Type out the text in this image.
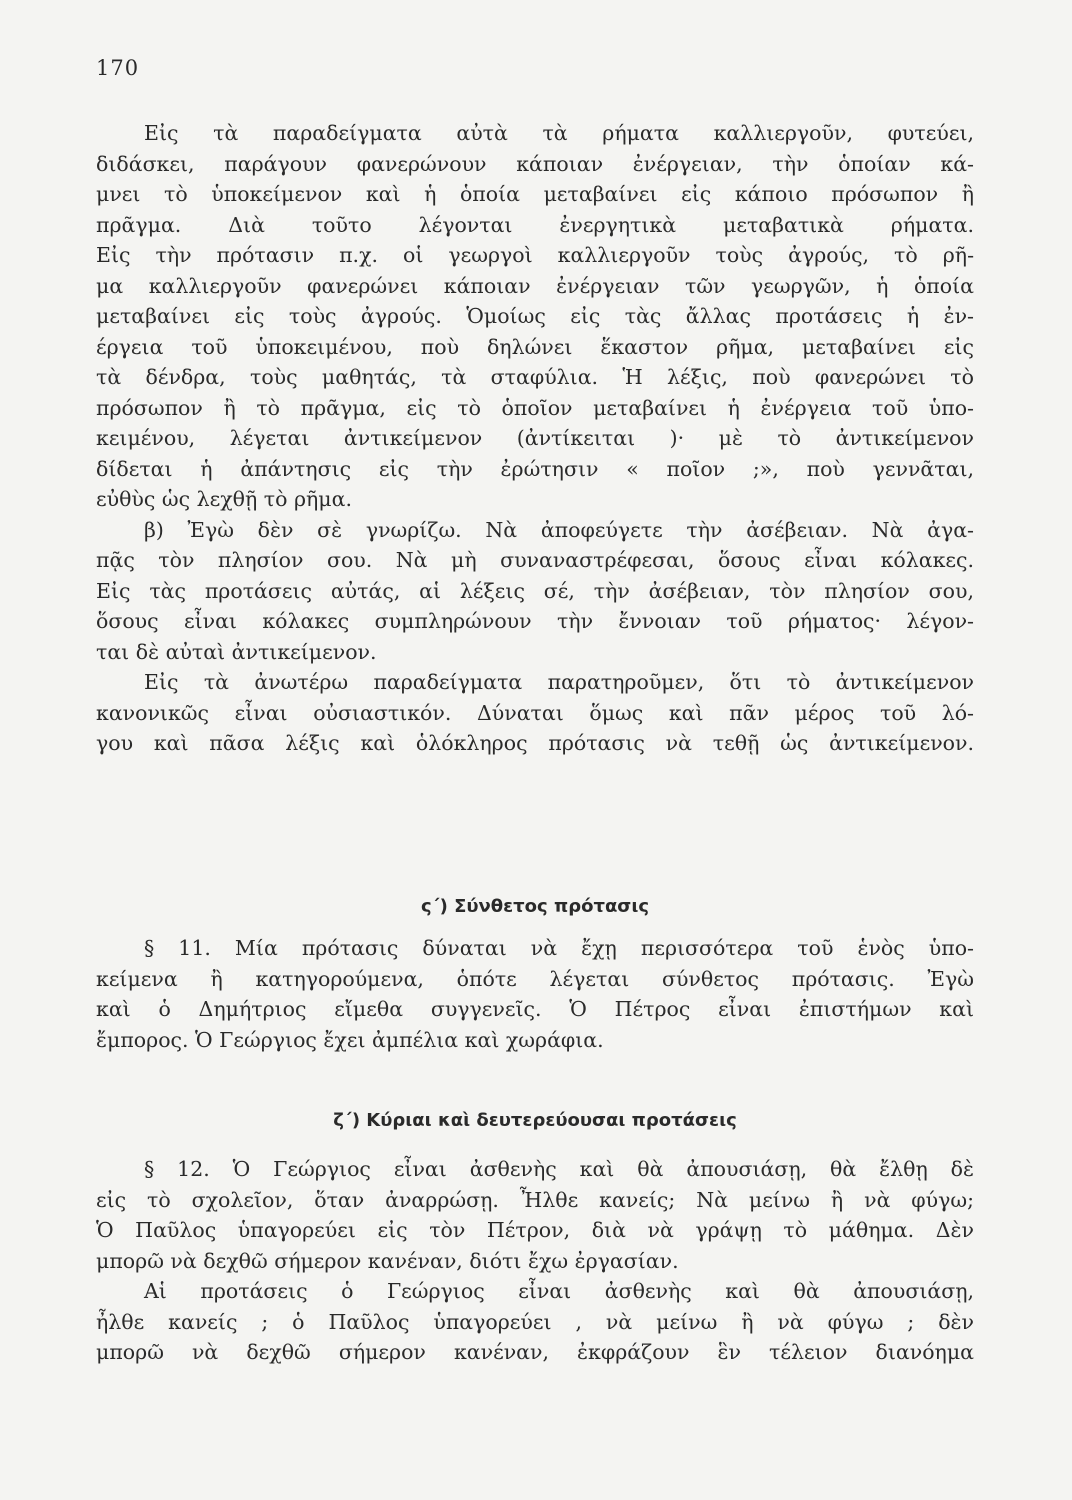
170
Εἰς τὰ παραδείγματα αὐτὰ τὰ ρήματα καλλιεργοῦν, φυτεύει,
διδάσκει, παράγουν φανερώνουν κάποιαν ἐνέργειαν, τὴν ὁποίαν κά-
μνει τὸ ὑποκείμενον καὶ ἡ ὁποία μεταβαίνει εἰς κάποιο πρόσωπον ἢ
πρᾶγμα. Διὰ τοῦτο λέγονται ἐνεργητικὰ μεταβατικὰ ρήματα.
Εἰς τὴν πρότασιν π.χ. οἱ γεωργοὶ καλλιεργοῦν τοὺς ἀγρούς, τὸ ρῆ-
μα καλλιεργοῦν φανερώνει κάποιαν ἐνέργειαν τῶν γεωργῶν, ἡ ὁποία
μεταβαίνει εἰς τοὺς ἀγρούς. Ὁμοίως εἰς τὰς ἄλλας προτάσεις ἡ ἐν-
έργεια τοῦ ὑποκειμένου, ποὺ δηλώνει ἕκαστον ρῆμα, μεταβαίνει εἰς
τὰ δένδρα, τοὺς μαθητάς, τὰ σταφύλια. Ἡ λέξις, ποὺ φανερώνει τὸ
πρόσωπον ἢ τὸ πρᾶγμα, εἰς τὸ ὁποῖον μεταβαίνει ἡ ἐνέργεια τοῦ ὑπο-
κειμένου, λέγεται ἀντικείμενον (ἀντίκειται )· μὲ τὸ ἀντικείμενον
δίδεται ἡ ἀπάντησις εἰς τὴν ἐρώτησιν « ποῖον ;», ποὺ γεννᾶται,
εὐθὺς ὡς λεχθῇ τὸ ρῆμα.
β) Ἐγὼ δὲν σὲ γνωρίζω. Νὰ ἀποφεύγετε τὴν ἀσέβειαν. Νὰ ἀγα-
πᾷς τὸν πλησίον σου. Νὰ μὴ συναναστρέφεσαι, ὅσους εἶναι κόλακες.
Εἰς τὰς προτάσεις αὐτάς, αἱ λέξεις σέ, τὴν ἀσέβειαν, τὸν πλησίον σου,
ὅσους εἶναι κόλακες συμπληρώνουν τὴν ἔννοιαν τοῦ ρήματος· λέγον-
ται δὲ αὐταὶ ἀντικείμενον.
Εἰς τὰ ἀνωτέρω παραδείγματα παρατηροῦμεν, ὅτι τὸ ἀντικείμενον
κανονικῶς εἶναι οὐσιαστικόν. Δύναται ὅμως καὶ πᾶν μέρος τοῦ λό-
γου καὶ πᾶσα λέξις καὶ ὁλόκληρος πρότασις νὰ τεθῇ ὡς ἀντικείμενον.
ς΄) Σύνθετος πρότασις
§ 11. Μία πρότασις δύναται νὰ ἔχῃ περισσότερα τοῦ ἑνὸς ὑπο-
κείμενα ἢ κατηγορούμενα, ὁπότε λέγεται σύνθετος πρότασις. Ἐγὼ
καὶ ὁ Δημήτριος εἴμεθα συγγενεῖς. Ὁ Πέτρος εἶναι ἐπιστήμων καὶ
ἔμπορος. Ὁ Γεώργιος ἔχει ἀμπέλια καὶ χωράφια.
ζ΄) Κύριαι καὶ δευτερεύουσαι προτάσεις
§ 12. Ὁ Γεώργιος εἶναι ἀσθενὴς καὶ θὰ ἀπουσιάσῃ, θὰ ἔλθῃ δὲ
εἰς τὸ σχολεῖον, ὅταν ἀναρρώσῃ. Ἦλθε κανείς; Νὰ μείνω ἢ νὰ φύγω;
Ὁ Παῦλος ὑπαγορεύει εἰς τὸν Πέτρον, διὰ νὰ γράψῃ τὸ μάθημα. Δὲν
μπορῶ νὰ δεχθῶ σήμερον κανέναν, διότι ἔχω ἐργασίαν.
Αἱ προτάσεις ὁ Γεώργιος εἶναι ἀσθενὴς καὶ θὰ ἀπουσιάσῃ,
ἦλθε κανείς ; ὁ Παῦλος ὑπαγορεύει , νὰ μείνω ἢ νὰ φύγω ; δὲν
μπορῶ νὰ δεχθῶ σήμερον κανέναν, ἐκφράζουν ἓν τέλειον διανόημα
